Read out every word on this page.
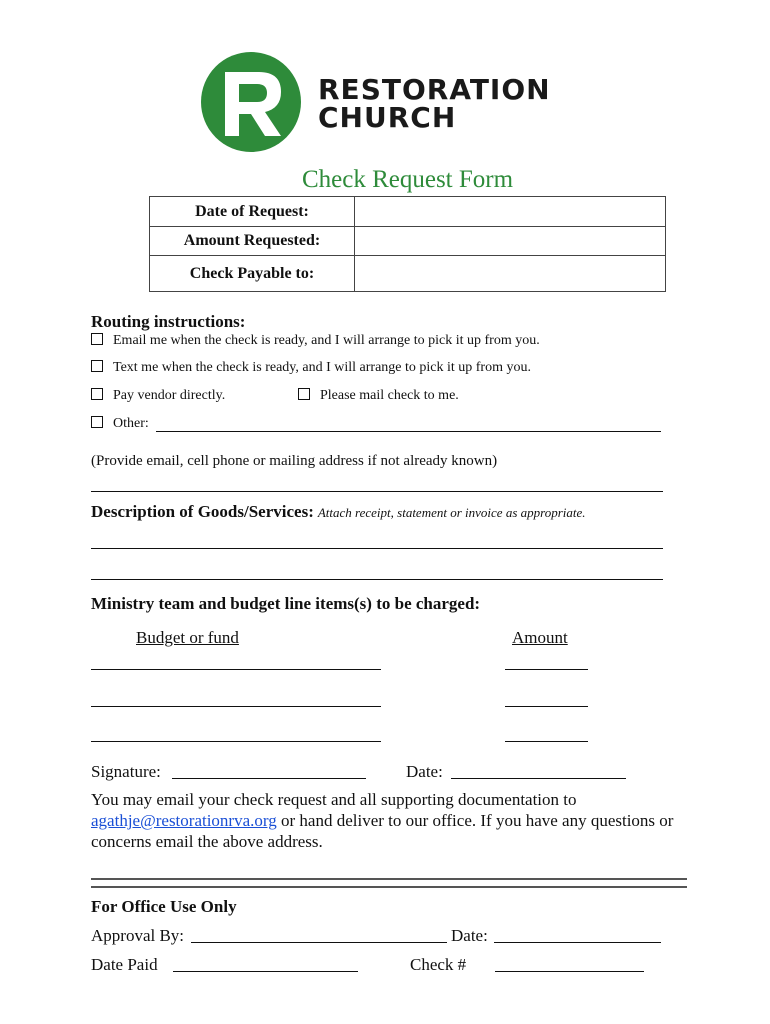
RESTORATION
CHURCH
Check Request Form
Date of Request:	
Amount Requested:	
Check Payable to:	
Routing instructions:
Email me when the check is ready, and I will arrange to pick it up from you.
Text me when the check is ready, and I will arrange to pick it up from you.
Pay vendor directly.	Please mail check to me.
Other:
(Provide email, cell phone or mailing address if not already known)
Description of Goods/Services: Attach receipt, statement or invoice as appropriate.
Ministry team and budget line items(s) to be charged:
Budget or fund	Amount
Signature:	Date:
You may email your check request and all supporting documentation to
agathje@restorationrva.org or hand deliver to our office. If you have any questions or
concerns email the above address.
For Office Use Only
Approval By:	Date:
Date Paid	Check #
